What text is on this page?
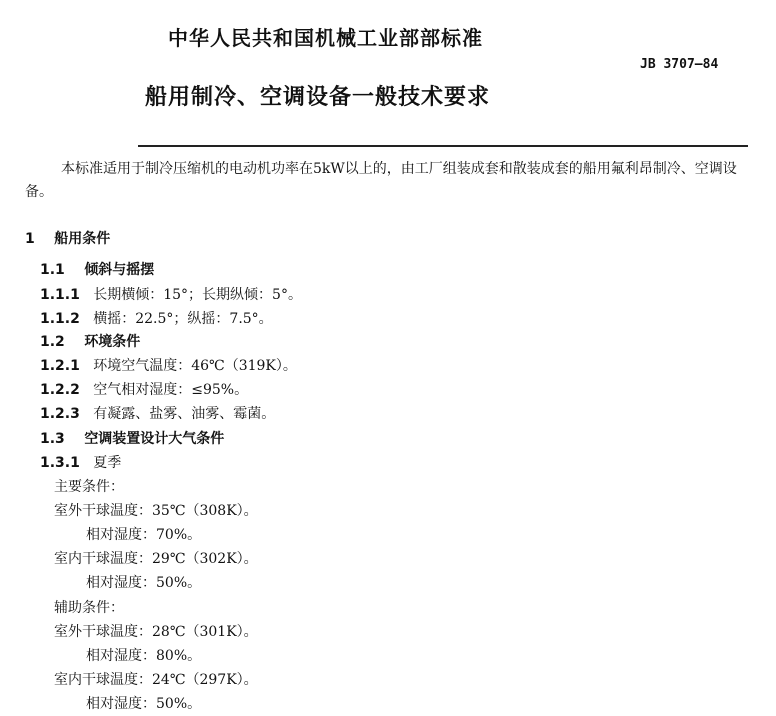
中华人民共和国机械工业部部标准
JB 3707—84
船用制冷、空调设备一般技术要求
本标准适用于制冷压缩机的电动机功率在5kW以上的，由工厂组装成套和散装成套的船用氟利昂制冷、空调设备。
1 船用条件
1.1 倾斜与摇摆
1.1.1 长期横倾：15°；长期纵倾：5°。
1.1.2 横摇：22.5°；纵摇：7.5°。
1.2 环境条件
1.2.1 环境空气温度：46℃（319K）。
1.2.2 空气相对湿度：≤95%。
1.2.3 有凝露、盐雾、油雾、霉菌。
1.3 空调装置设计大气条件
1.3.1 夏季
主要条件：
室外干球温度：35℃（308K）。
相对湿度：70%。
室内干球温度：29℃（302K）。
相对湿度：50%。
辅助条件：
室外干球温度：28℃（301K）。
相对湿度：80%。
室内干球温度：24℃（297K）。
相对湿度：50%。
